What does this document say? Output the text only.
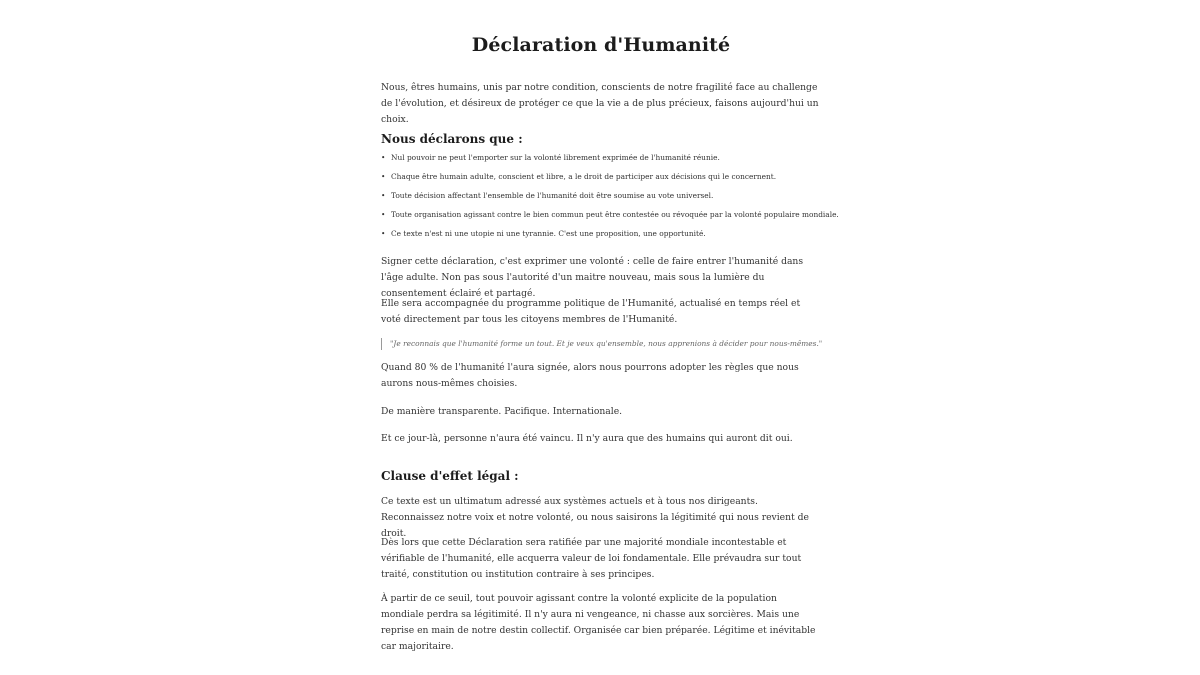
Déclaration d'Humanité

Nous, êtres humains, unis par notre condition, conscients de notre fragilité face au challenge de l'évolution, et désireux de protéger ce que la vie a de plus précieux, faisons aujourd'hui un choix.

Nous déclarons que :
• Nul pouvoir ne peut l'emporter sur la volonté librement exprimée de l'humanité réunie.
• Chaque être humain adulte, conscient et libre, a le droit de participer aux décisions qui le concernent.
• Toute décision affectant l'ensemble de l'humanité doit être soumise au vote universel.
• Toute organisation agissant contre le bien commun peut être contestée ou révoquée par la volonté populaire mondiale.
• Ce texte n'est ni une utopie ni une tyrannie. C'est une proposition, une opportunité.

Signer cette déclaration, c'est exprimer une volonté : celle de faire entrer l'humanité dans l'âge adulte. Non pas sous l'autorité d'un maitre nouveau, mais sous la lumière du consentement éclairé et partagé.

Elle sera accompagnée du programme politique de l'Humanité, actualisé en temps réel et voté directement par tous les citoyens membres de l'Humanité.

"Je reconnais que l'humanité forme un tout. Et je veux qu'ensemble, nous apprenions à décider pour nous-mêmes."

Quand 80 % de l'humanité l'aura signée, alors nous pourrons adopter les règles que nous aurons nous-mêmes choisies.

De manière transparente. Pacifique. Internationale.

Et ce jour-là, personne n'aura été vaincu. Il n'y aura que des humains qui auront dit oui.

Clause d'effet légal :

Ce texte est un ultimatum adressé aux systèmes actuels et à tous nos dirigeants. Reconnaissez notre voix et notre volonté, ou nous saisirons la légitimité qui nous revient de droit.

Dès lors que cette Déclaration sera ratifiée par une majorité mondiale incontestable et vérifiable de l'humanité, elle acquerra valeur de loi fondamentale. Elle prévaudra sur tout traité, constitution ou institution contraire à ses principes.

À partir de ce seuil, tout pouvoir agissant contre la volonté explicite de la population mondiale perdra sa légitimité. Il n'y aura ni vengeance, ni chasse aux sorcières. Mais une reprise en main de notre destin collectif. Organisée car bien préparée. Légitime et inévitable car majoritaire.
